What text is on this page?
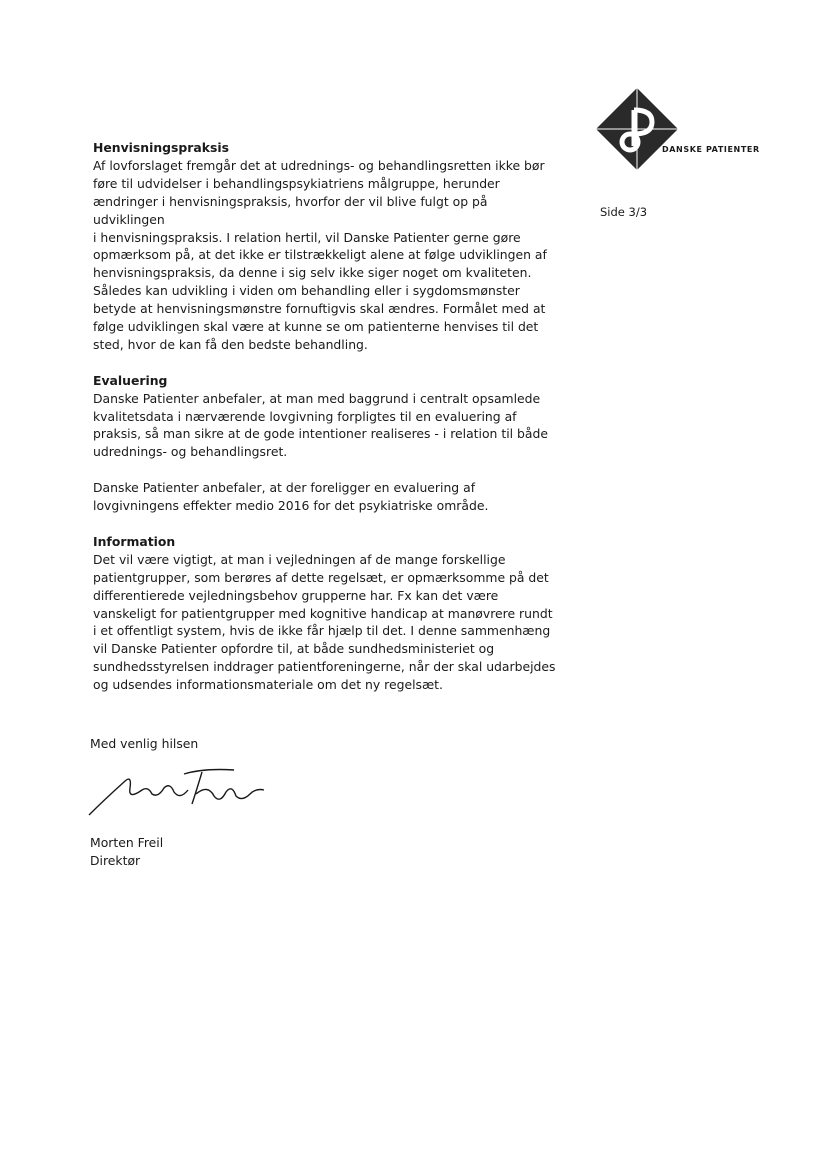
DANSKE PATIENTER
Side 3/3
Henvisningspraksis
Af lovforslaget fremgår det at udrednings- og behandlingsretten ikke bør
føre til udvidelser i behandlingspsykiatriens målgruppe, herunder
ændringer i henvisningspraksis, hvorfor der vil blive fulgt op på udviklingen
i henvisningspraksis. I relation hertil, vil Danske Patienter gerne gøre
opmærksom på, at det ikke er tilstrækkeligt alene at følge udviklingen af
henvisningspraksis, da denne i sig selv ikke siger noget om kvaliteten.
Således kan udvikling i viden om behandling eller i sygdomsmønster
betyde at henvisningsmønstre fornuftigvis skal ændres. Formålet med at
følge udviklingen skal være at kunne se om patienterne henvises til det
sted, hvor de kan få den bedste behandling.
Evaluering
Danske Patienter anbefaler, at man med baggrund i centralt opsamlede
kvalitetsdata i nærværende lovgivning forpligtes til en evaluering af
praksis, så man sikre at de gode intentioner realiseres - i relation til både
udrednings- og behandlingsret.
Danske Patienter anbefaler, at der foreligger en evaluering af
lovgivningens effekter medio 2016 for det psykiatriske område.
Information
Det vil være vigtigt, at man i vejledningen af de mange forskellige
patientgrupper, som berøres af dette regelsæt, er opmærksomme på det
differentierede vejledningsbehov grupperne har. Fx kan det være
vanskeligt for patientgrupper med kognitive handicap at manøvrere rundt
i et offentligt system, hvis de ikke får hjælp til det. I denne sammenhæng
vil Danske Patienter opfordre til, at både sundhedsministeriet og
sundhedsstyrelsen inddrager patientforeningerne, når der skal udarbejdes
og udsendes informationsmateriale om det ny regelsæt.
Med venlig hilsen
Morten Freil
Direktør
